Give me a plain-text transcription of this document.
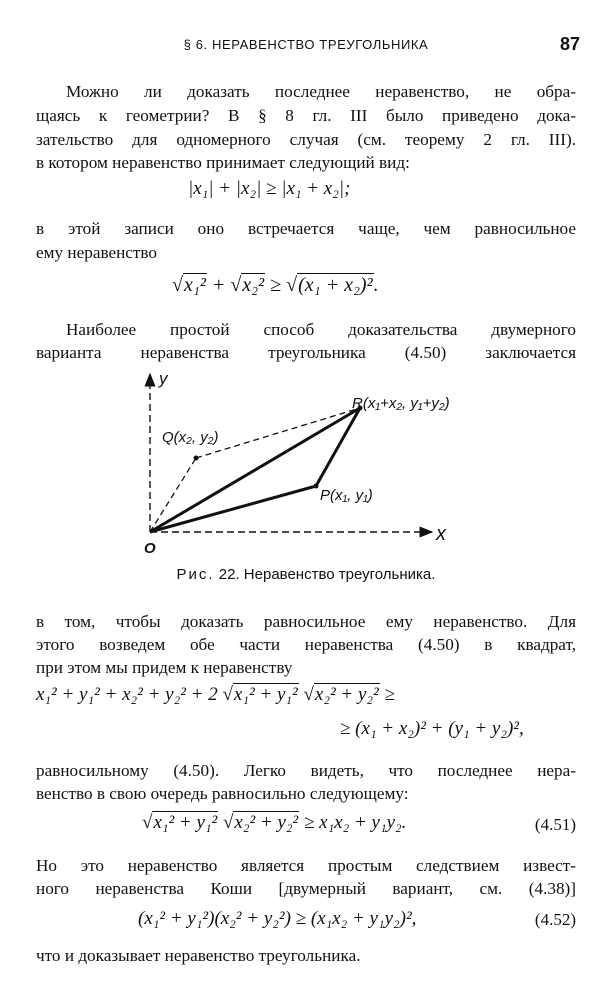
§ 6. НЕРАВЕНСТВО ТРЕУГОЛЬНИКА	87
Можно ли доказать последнее неравенство, не обра-
щаясь к геометрии? В § 8 гл. III было приведено дока-
зательство для одномерного случая (см. теорему 2 гл. III).
в котором неравенство принимает следующий вид:
|x₁| + |x₂| ≥ |x₁ + x₂|;
в этой записи оно встречается чаще, чем равносильное
ему неравенство
√x₁² + √x₂² ≥ √(x₁ + x₂)².
Наиболее простой способ доказательства двумерного
варианта неравенства треугольника (4.50) заключается
y
x
O
Q(x₂, y₂)
P(x₁, y₁)
R(x₁+x₂, y₁+y₂)
Рис. 22. Неравенство треугольника.
в том, чтобы доказать равносильное ему неравенство. Для
этого возведем обе части неравенства (4.50) в квадрат,
при этом мы придем к неравенству
x₁² + y₁² + x₂² + y₂² + 2 √x₁² + y₁² √x₂² + y₂² ≥
≥ (x₁ + x₂)² + (y₁ + y₂)²,
равносильному (4.50). Легко видеть, что последнее нера-
венство в свою очередь равносильно следующему:
√x₁² + y₁² √x₂² + y₂² ≥ x₁x₂ + y₁y₂.	(4.51)
Но это неравенство является простым следствием извест-
ного неравенства Коши [двумерный вариант, см. (4.38)]
(x₁² + y₁²)(x₂² + y₂²) ≥ (x₁x₂ + y₁y₂)²,	(4.52)
что и доказывает неравенство треугольника.
